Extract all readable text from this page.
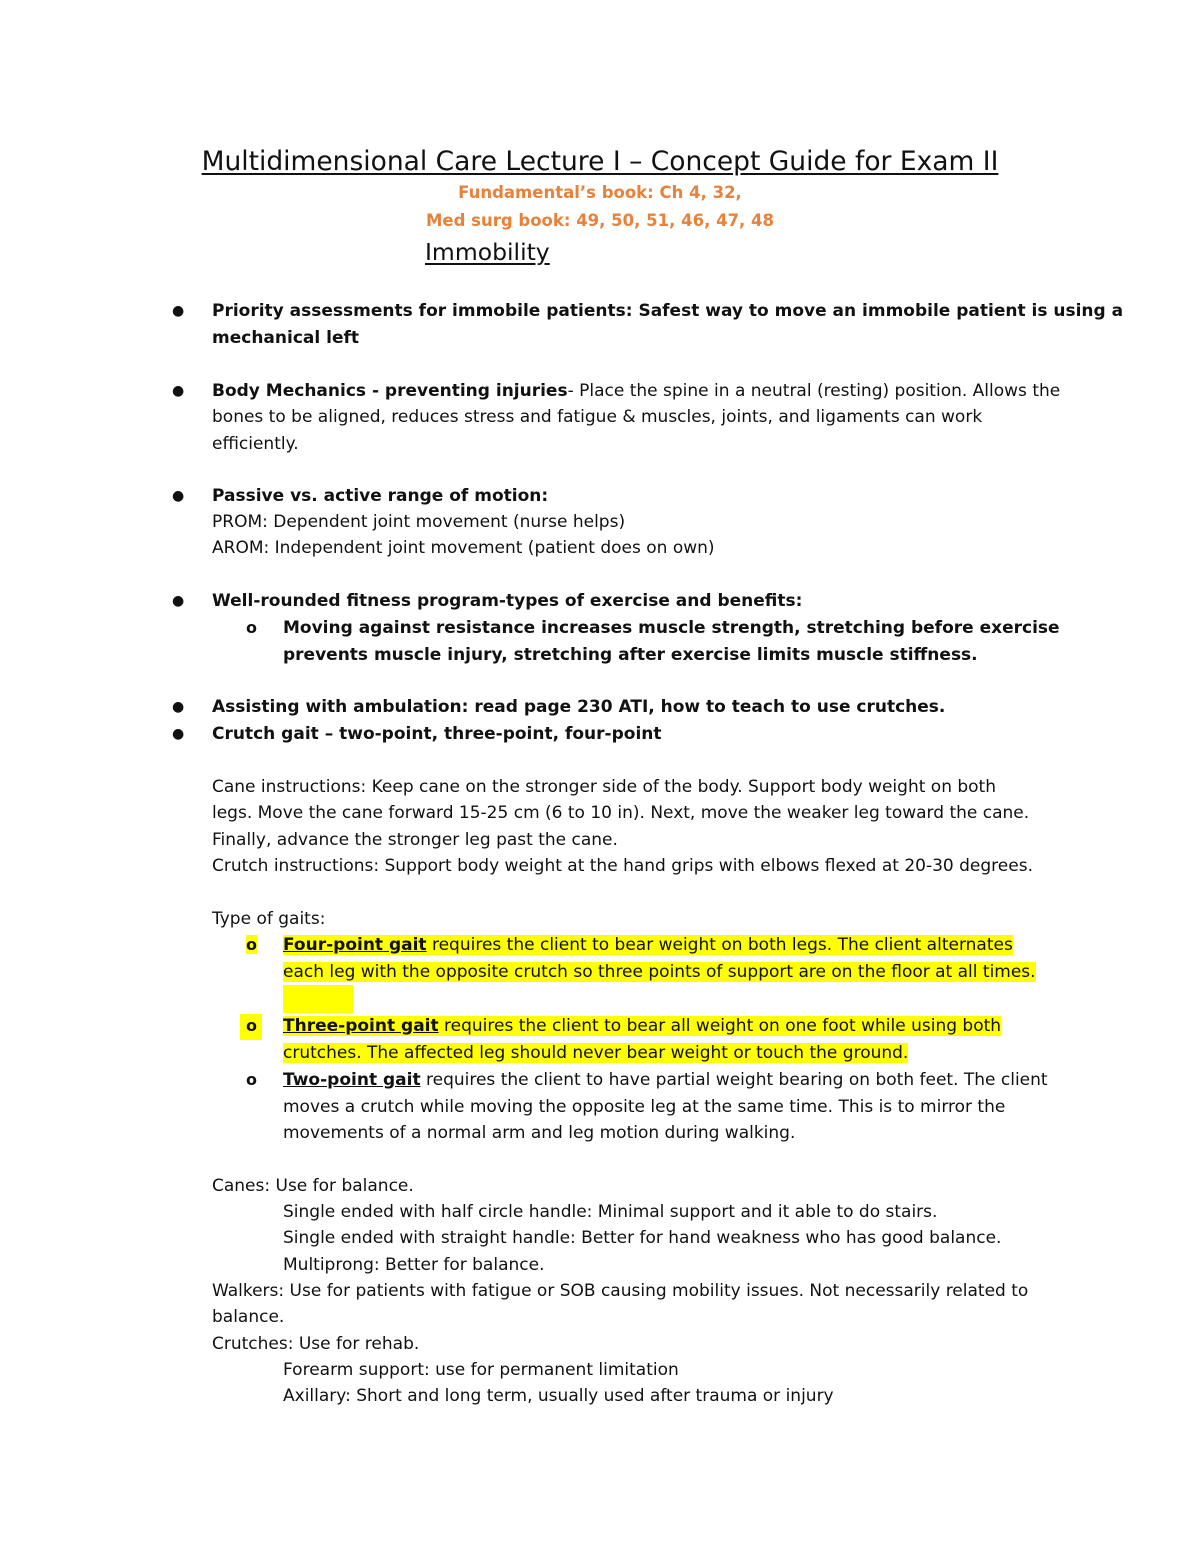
Multidimensional Care Lecture I – Concept Guide for Exam II
Fundamental’s book: Ch 4, 32,
Med surg book: 49, 50, 51, 46, 47, 48
Immobility
● Priority assessments for immobile patients: Safest way to move an immobile patient is using a
mechanical left
● Body Mechanics - preventing injuries- Place the spine in a neutral (resting) position. Allows the
bones to be aligned, reduces stress and fatigue & muscles, joints, and ligaments can work
efficiently.
● Passive vs. active range of motion:
PROM: Dependent joint movement (nurse helps)
AROM: Independent joint movement (patient does on own)
● Well-rounded fitness program-types of exercise and benefits:
o Moving against resistance increases muscle strength, stretching before exercise
prevents muscle injury, stretching after exercise limits muscle stiffness.
● Assisting with ambulation: read page 230 ATI, how to teach to use crutches.
● Crutch gait – two-point, three-point, four-point
Cane instructions: Keep cane on the stronger side of the body. Support body weight on both
legs. Move the cane forward 15-25 cm (6 to 10 in). Next, move the weaker leg toward the cane.
Finally, advance the stronger leg past the cane.
Crutch instructions: Support body weight at the hand grips with elbows flexed at 20-30 degrees.
Type of gaits:
o Four-point gait requires the client to bear weight on both legs. The client alternates
each leg with the opposite crutch so three points of support are on the floor at all times.
o Three-point gait requires the client to bear all weight on one foot while using both
crutches. The affected leg should never bear weight or touch the ground.
o Two-point gait requires the client to have partial weight bearing on both feet. The client
moves a crutch while moving the opposite leg at the same time. This is to mirror the
movements of a normal arm and leg motion during walking.
Canes: Use for balance.
Single ended with half circle handle: Minimal support and it able to do stairs.
Single ended with straight handle: Better for hand weakness who has good balance.
Multiprong: Better for balance.
Walkers: Use for patients with fatigue or SOB causing mobility issues. Not necessarily related to
balance.
Crutches: Use for rehab.
Forearm support: use for permanent limitation
Axillary: Short and long term, usually used after trauma or injury
